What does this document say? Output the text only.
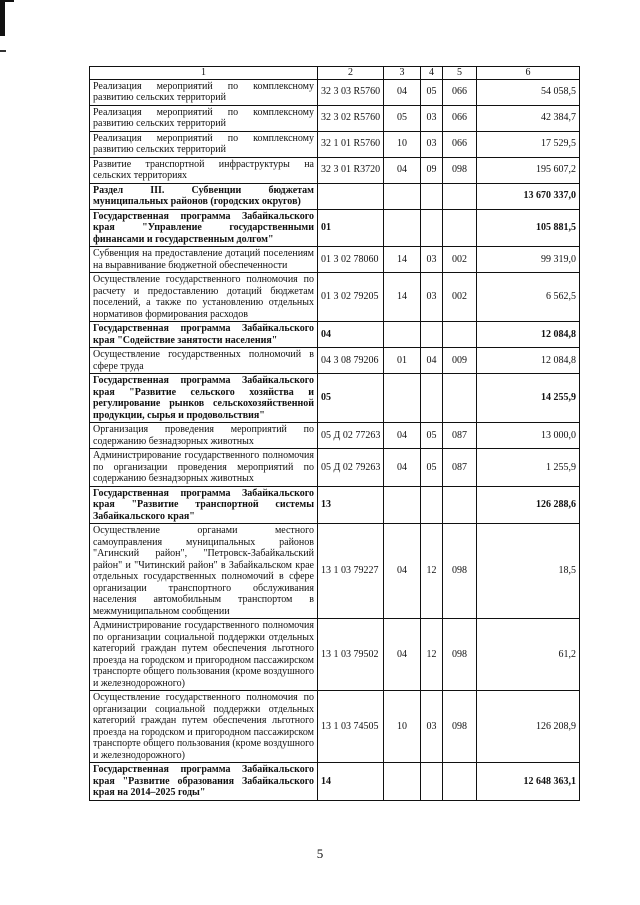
1	2	3	4	5	6
Реализация мероприятий по комплексному развитию сельских территорий	32 3 03 R5760	04	05	066	54 058,5
Реализация мероприятий по комплексному развитию сельских территорий	32 3 02 R5760	05	03	066	42 384,7
Реализация мероприятий по комплексному развитию сельских территорий	32 1 01 R5760	10	03	066	17 529,5
Развитие транспортной инфраструктуры на сельских территориях	32 3 01 R3720	04	09	098	195 607,2
Раздел III. Субвенции бюджетам муниципальных районов (городских округов)					13 670 337,0
Государственная программа Забайкальского края "Управление государственными финансами и государственным долгом"	01				105 881,5
Субвенция на предоставление дотаций поселениям на выравнивание бюджетной обеспеченности	01 3 02 78060	14	03	002	99 319,0
Осуществление государственного полномочия по расчету и предоставлению дотаций бюджетам поселений, а также по установлению отдельных нормативов формирования расходов	01 3 02 79205	14	03	002	6 562,5
Государственная программа Забайкальского края "Содействие занятости населения"	04				12 084,8
Осуществление государственных полномочий в сфере труда	04 3 08 79206	01	04	009	12 084,8
Государственная программа Забайкальского края "Развитие сельского хозяйства и регулирование рынков сельскохозяйственной продукции, сырья и продовольствия"	05				14 255,9
Организация проведения мероприятий по содержанию безнадзорных животных	05 Д 02 77263	04	05	087	13 000,0
Администрирование государственного полномочия по организации проведения мероприятий по содержанию безнадзорных животных	05 Д 02 79263	04	05	087	1 255,9
Государственная программа Забайкальского края "Развитие транспортной системы Забайкальского края"	13				126 288,6
Осуществление органами местного самоуправления муниципальных районов "Агинский район", "Петровск-Забайкальский район" и "Читинский район" в Забайкальском крае отдельных государственных полномочий в сфере организации транспортного обслуживания населения автомобильным транспортом в межмуниципальном сообщении	13 1 03 79227	04	12	098	18,5
Администрирование государственного полномочия по организации социальной поддержки отдельных категорий граждан путем обеспечения льготного проезда на городском и пригородном пассажирском транспорте общего пользования (кроме воздушного и железнодорожного)	13 1 03 79502	04	12	098	61,2
Осуществление государственного полномочия по организации социальной поддержки отдельных категорий граждан путем обеспечения льготного проезда на городском и пригородном пассажирском транспорте общего пользования (кроме воздушного и железнодорожного)	13 1 03 74505	10	03	098	126 208,9
Государственная программа Забайкальского края "Развитие образования Забайкальского края на 2014–2025 годы"	14				12 648 363,1
5
